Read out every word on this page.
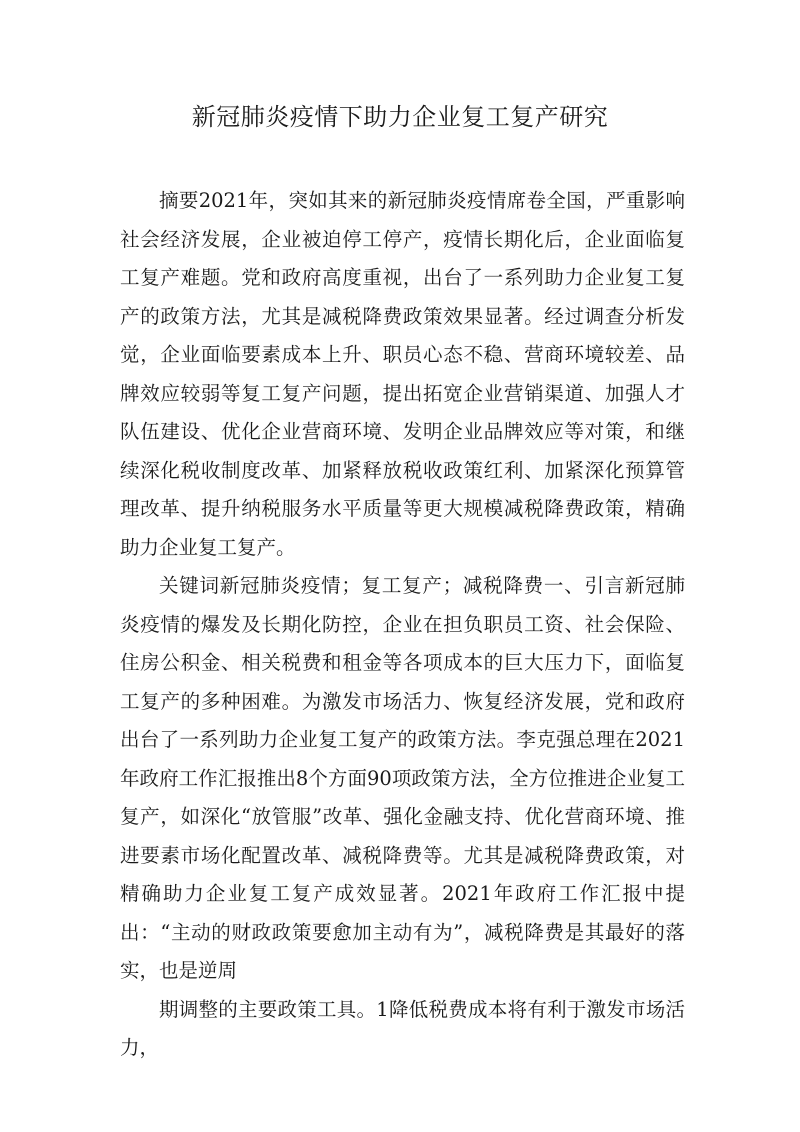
新冠肺炎疫情下助力企业复工复产研究

摘要2021年，突如其来的新冠肺炎疫情席卷全国，严重影响社会经济发展，企业被迫停工停产，疫情长期化后，企业面临复工复产难题。党和政府高度重视，出台了一系列助力企业复工复产的政策方法，尤其是减税降费政策效果显著。经过调查分析发觉，企业面临要素成本上升、职员心态不稳、营商环境较差、品牌效应较弱等复工复产问题，提出拓宽企业营销渠道、加强人才队伍建设、优化企业营商环境、发明企业品牌效应等对策，和继续深化税收制度改革、加紧释放税收政策红利、加紧深化预算管理改革、提升纳税服务水平质量等更大规模减税降费政策，精确助力企业复工复产。

关键词新冠肺炎疫情；复工复产；减税降费一、引言新冠肺炎疫情的爆发及长期化防控，企业在担负职员工资、社会保险、住房公积金、相关税费和租金等各项成本的巨大压力下，面临复工复产的多种困难。为激发市场活力、恢复经济发展，党和政府出台了一系列助力企业复工复产的政策方法。李克强总理在2021年政府工作汇报推出8个方面90项政策方法，全方位推进企业复工复产，如深化“放管服”改革、强化金融支持、优化营商环境、推进要素市场化配置改革、减税降费等。尤其是减税降费政策，对精确助力企业复工复产成效显著。2021年政府工作汇报中提出：“主动的财政政策要愈加主动有为”，减税降费是其最好的落实，也是逆周

期调整的主要政策工具。1降低税费成本将有利于激发市场活力，
